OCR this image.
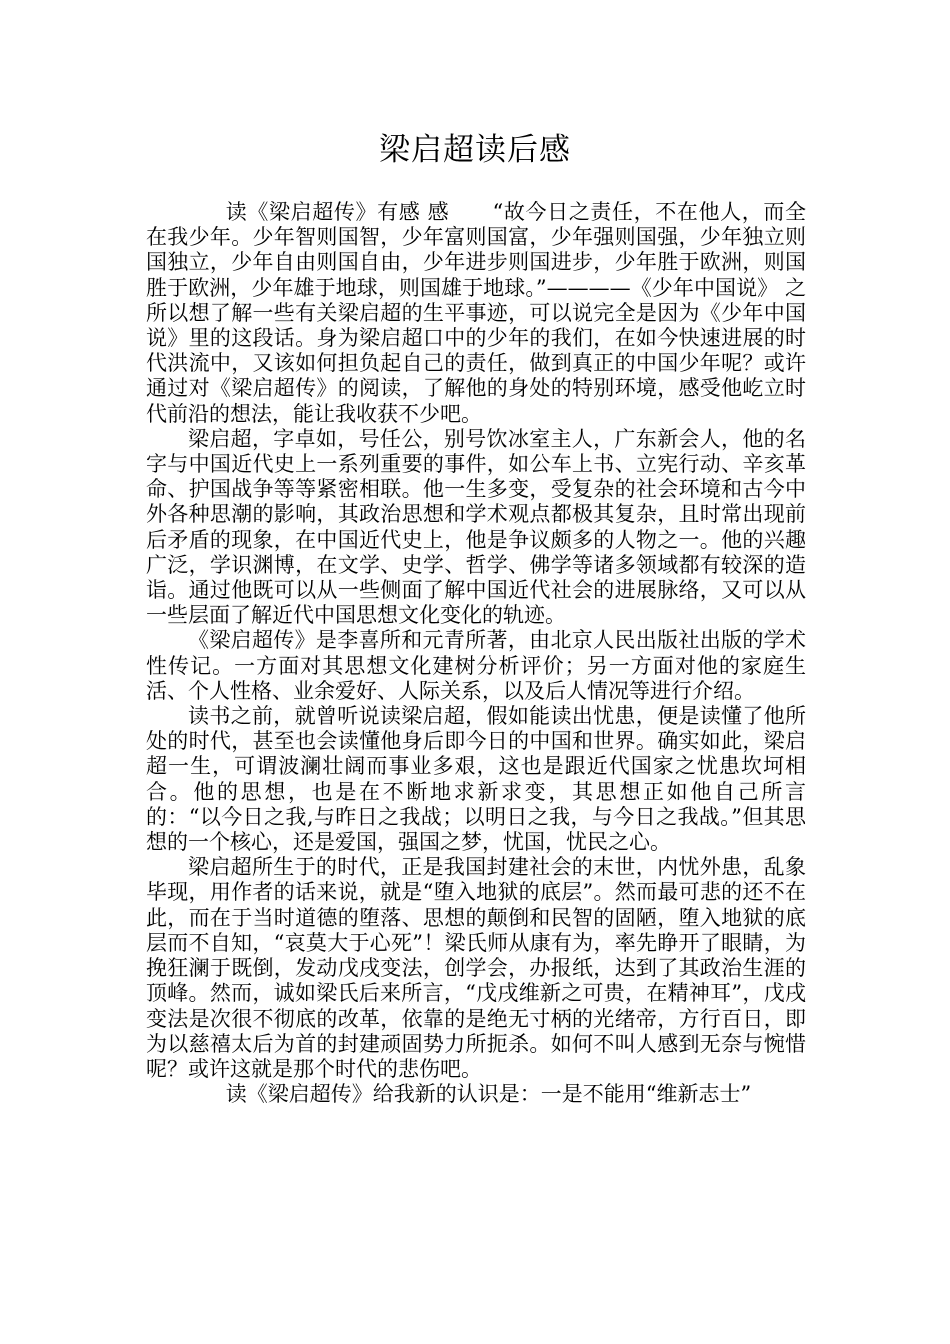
梁启超读后感

读《梁启超传》有感 感　　“故今日之责任，不在他人，而全在我少年。少年智则国智，少年富则国富，少年强则国强，少年独立则国独立，少年自由则国自由，少年进步则国进步，少年胜于欧洲，则国胜于欧洲，少年雄于地球，则国雄于地球。”————《少年中国说》 之所以想了解一些有关梁启超的生平事迹，可以说完全是因为《少年中国说》里的这段话。身为梁启超口中的少年的我们，在如今快速进展的时代洪流中，又该如何担负起自己的责任，做到真正的中国少年呢？或许通过对《梁启超传》的阅读，了解他的身处的特别环境，感受他屹立时代前沿的想法，能让我收获不少吧。

梁启超，字卓如，号任公，别号饮冰室主人，广东新会人，他的名字与中国近代史上一系列重要的事件，如公车上书、立宪行动、辛亥革命、护国战争等等紧密相联。他一生多变，受复杂的社会环境和古今中外各种思潮的影响，其政治思想和学术观点都极其复杂，且时常出现前后矛盾的现象，在中国近代史上，他是争议颇多的人物之一。他的兴趣广泛，学识渊博，在文学、史学、哲学、佛学等诸多领域都有较深的造诣。通过他既可以从一些侧面了解中国近代社会的进展脉络，又可以从一些层面了解近代中国思想文化变化的轨迹。

《梁启超传》是李喜所和元青所著，由北京人民出版社出版的学术性传记。一方面对其思想文化建树分析评价；另一方面对他的家庭生活、个人性格、业余爱好、人际关系，以及后人情况等进行介绍。

读书之前，就曾听说读梁启超，假如能读出忧患，便是读懂了他所处的时代，甚至也会读懂他身后即今日的中国和世界。确实如此，梁启超一生，可谓波澜壮阔而事业多艰，这也是跟近代国家之忧患坎坷相合。他的思想，也是在不断地求新求变，其思想正如他自己所言的：“以今日之我,与昨日之我战；以明日之我，与今日之我战。”但其思想的一个核心，还是爱国，强国之梦，忧国，忧民之心。

梁启超所生于的时代，正是我国封建社会的末世，内忧外患，乱象毕现，用作者的话来说，就是“堕入地狱的底层”。然而最可悲的还不在此，而在于当时道德的堕落、思想的颠倒和民智的固陋，堕入地狱的底层而不自知，“哀莫大于心死”！梁氏师从康有为，率先睁开了眼睛，为挽狂澜于既倒，发动戊戌变法，创学会，办报纸，达到了其政治生涯的顶峰。然而，诚如梁氏后来所言，“戊戌维新之可贵，在精神耳”，戊戌变法是次很不彻底的改革，依靠的是绝无寸柄的光绪帝，方行百日，即为以慈禧太后为首的封建顽固势力所扼杀。如何不叫人感到无奈与惋惜呢？或许这就是那个时代的悲伤吧。

读《梁启超传》给我新的认识是：一是不能用“维新志士”
